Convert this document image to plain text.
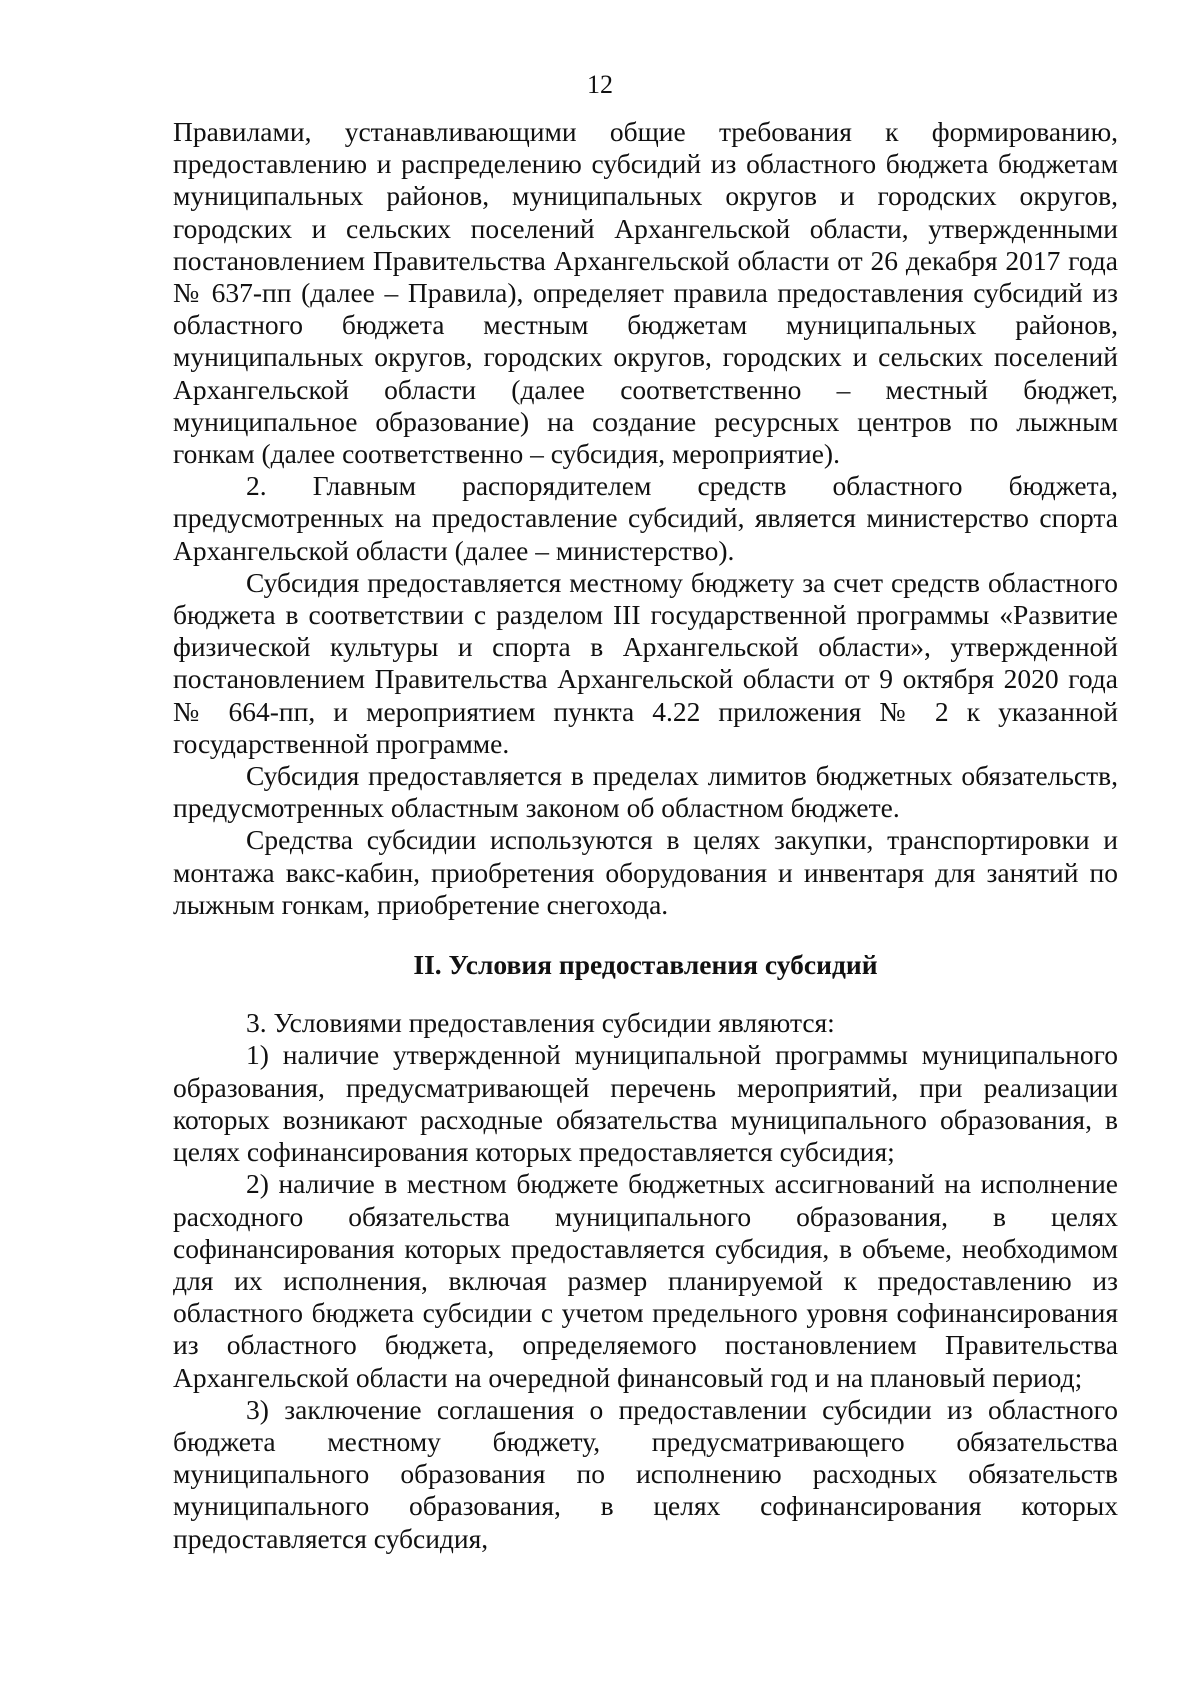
12

Правилами, устанавливающими общие требования к формированию, предоставлению и распределению субсидий из областного бюджета бюджетам муниципальных районов, муниципальных округов и городских округов, городских и сельских поселений Архангельской области, утвержденными постановлением Правительства Архангельской области от 26 декабря 2017 года № 637-пп (далее – Правила), определяет правила предоставления субсидий из областного бюджета местным бюджетам муниципальных районов, муниципальных округов, городских округов, городских и сельских поселений Архангельской области (далее соответственно – местный бюджет, муниципальное образование) на создание ресурсных центров по лыжным гонкам (далее соответственно – субсидия, мероприятие).

2. Главным распорядителем средств областного бюджета, предусмотренных на предоставление субсидий, является министерство спорта Архангельской области (далее – министерство).

Субсидия предоставляется местному бюджету за счет средств областного бюджета в соответствии с разделом III государственной программы «Развитие физической культуры и спорта в Архангельской области», утвержденной постановлением Правительства Архангельской области от 9 октября 2020 года № 664-пп, и мероприятием пункта 4.22 приложения № 2 к указанной государственной программе.

Субсидия предоставляется в пределах лимитов бюджетных обязательств, предусмотренных областным законом об областном бюджете.

Средства субсидии используются в целях закупки, транспортировки и монтажа вакс-кабин, приобретения оборудования и инвентаря для занятий по лыжным гонкам, приобретение снегохода.

II. Условия предоставления субсидий

3. Условиями предоставления субсидии являются:

1) наличие утвержденной муниципальной программы муниципального образования, предусматривающей перечень мероприятий, при реализации которых возникают расходные обязательства муниципального образования, в целях софинансирования которых предоставляется субсидия;

2) наличие в местном бюджете бюджетных ассигнований на исполнение расходного обязательства муниципального образования, в целях софинансирования которых предоставляется субсидия, в объеме, необходимом для их исполнения, включая размер планируемой к предоставлению из областного бюджета субсидии с учетом предельного уровня софинансирования из областного бюджета, определяемого постановлением Правительства Архангельской области на очередной финансовый год и на плановый период;

3) заключение соглашения о предоставлении субсидии из областного бюджета местному бюджету, предусматривающего обязательства муниципального образования по исполнению расходных обязательств муниципального образования, в целях софинансирования которых предоставляется субсидия,
